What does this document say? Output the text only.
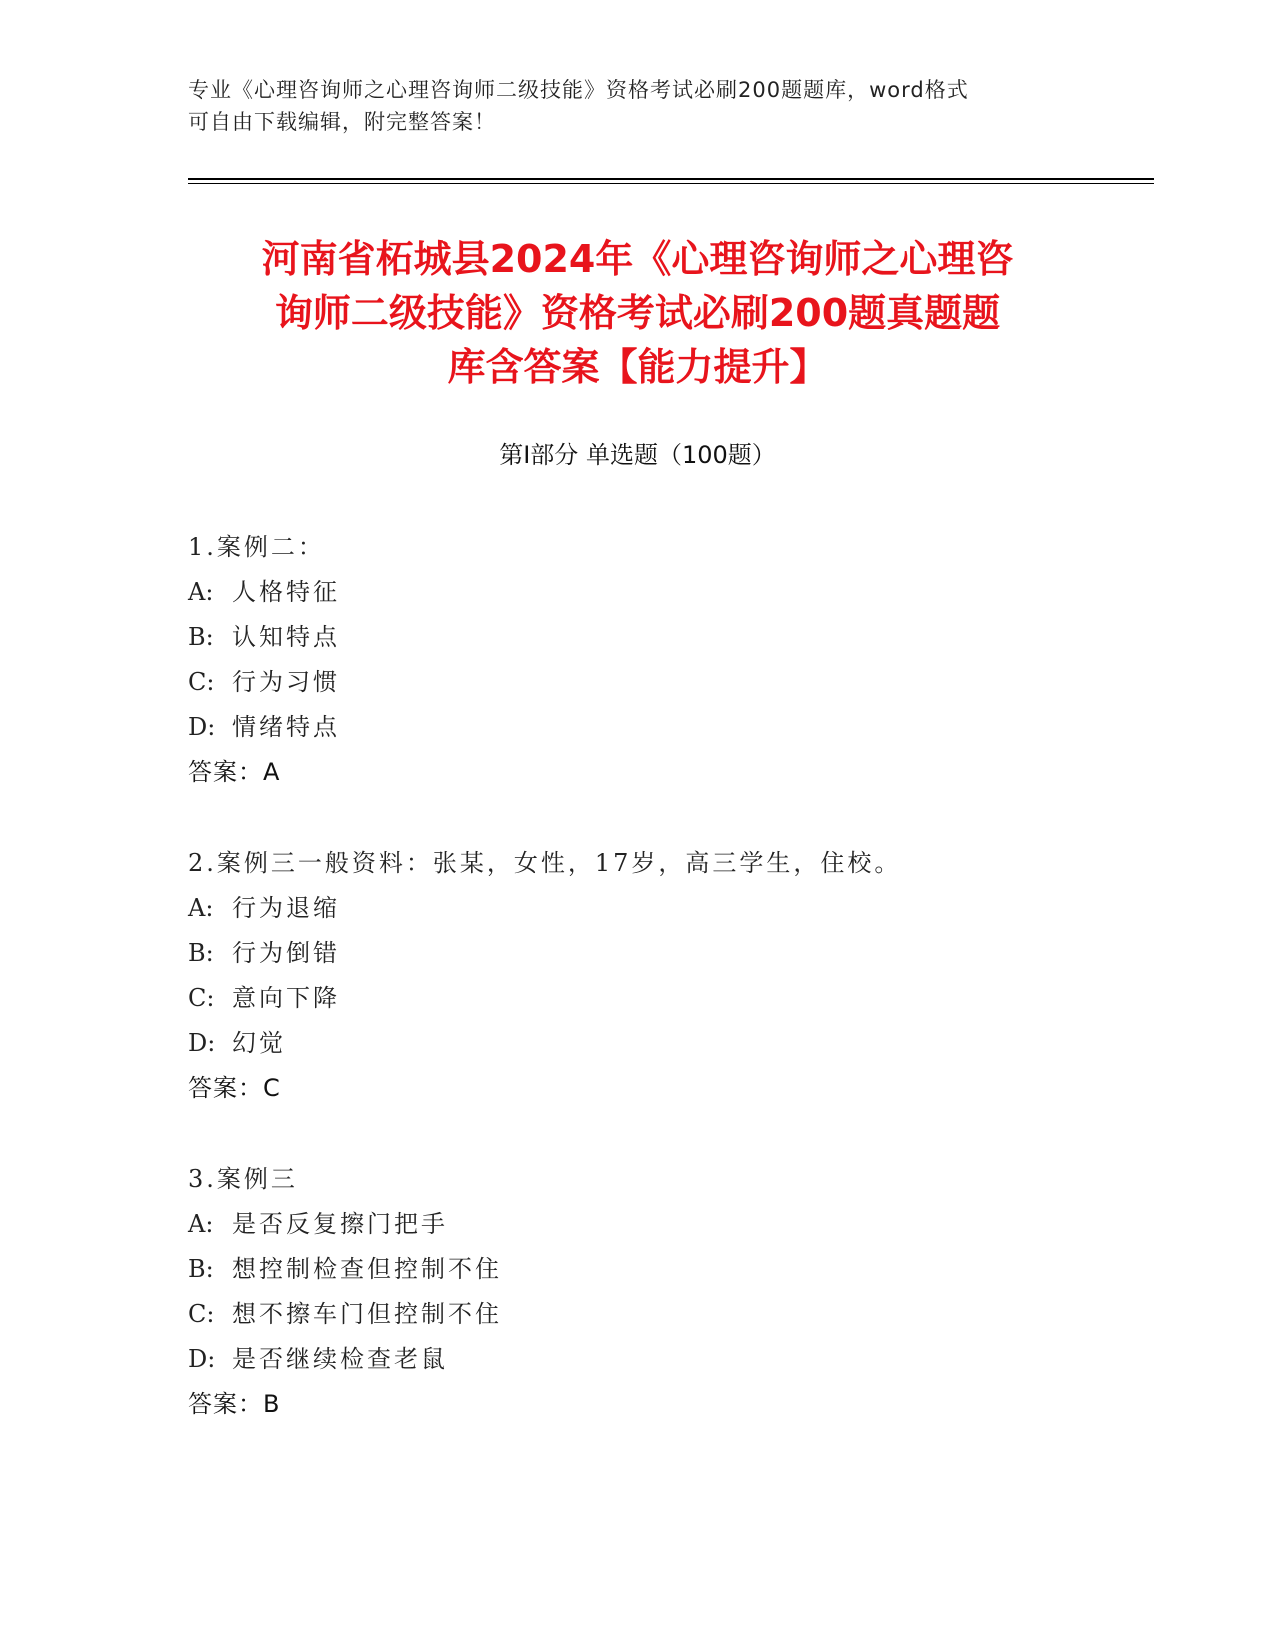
专业《心理咨询师之心理咨询师二级技能》资格考试必刷200题题库，word格式
可自由下载编辑，附完整答案！
河南省柘城县2024年《心理咨询师之心理咨
询师二级技能》资格考试必刷200题真题题
库含答案【能力提升】
第I部分 单选题（100题）
1.案例二：
A: 人格特征
B: 认知特点
C: 行为习惯
D: 情绪特点
答案：A
2.案例三一般资料：张某，女性，17岁，高三学生，住校。
A: 行为退缩
B: 行为倒错
C: 意向下降
D: 幻觉
答案：C
3.案例三
A: 是否反复擦门把手
B: 想控制检查但控制不住
C: 想不擦车门但控制不住
D: 是否继续检查老鼠
答案：B
